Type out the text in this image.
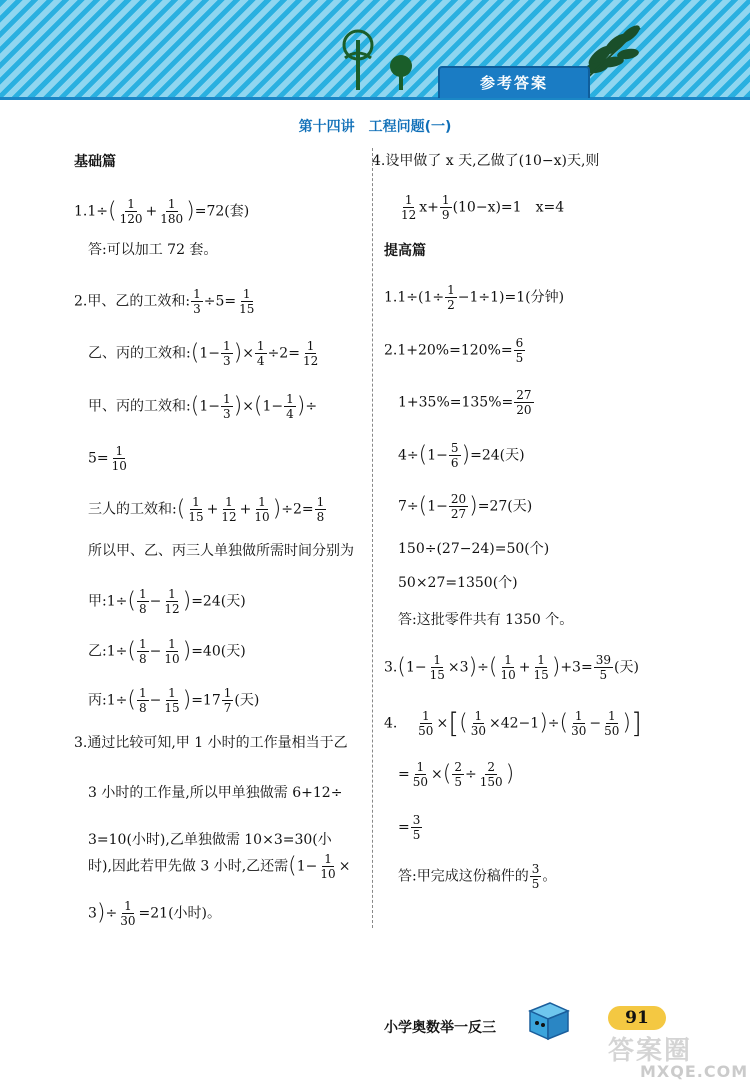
参考答案
第十四讲　工程问题(一)
基础篇
$1.1\div( \frac{1}{120} + \frac{1}{180} )=72$(套)
答:可以加工 72 套。
2.甲、乙的工效和: $\frac{1}{3} \div 5= \frac{1}{15}$
乙、丙的工效和:(1− $\frac{1}{3}$ )× $\frac{1}{4} \div 2= \frac{1}{12}$
甲、丙的工效和:(1− $\frac{1}{3} )\times(1- \frac{1}{4}$ )÷
$5= \frac{1}{10}$
三人的工效和:( $\frac{1}{15} + \frac{1}{12} + \frac{1}{10} )\div 2= \frac{1}{8}$
所以甲、乙、丙三人单独做所需时间分别为
甲:1÷( $\frac{1}{8} - \frac{1}{12} )=24$(天)
乙:1÷( $\frac{1}{8} - \frac{1}{10} )=40$(天)
丙:1÷( $\frac{1}{8} - \frac{1}{15} )=17 \frac{1}{7}$ (天)
3.通过比较可知,甲 1 小时的工作量相当于乙
3 小时的工作量,所以甲单独做需 6+12÷
3=10(小时),乙单独做需 10×3=30(小
时),因此若甲先做 3 小时,乙还需($1- \frac{1}{10}$ ×
$3)\div \frac{1}{30} =21$(小时)。
4.设甲做了 x 天,乙做了(10−x)天,则
$\frac{1}{12} x+ \frac{1}{9} (10-x)=1$　x=4
提高篇
$1.1\div(1\div \frac{1}{2} -1\div 1)=1$(分钟)
$2.1+20\%=120\%= \frac{6}{5}$
$1+35\%=135\%= \frac{27}{20}$
$4\div(1- \frac{5}{6} )=24$(天)
$7\div(1- \frac{20}{27} )=27$(天)
150÷(27−24)=50(个)
50×27=1350(个)
答:这批零件共有 1350 个。
$3.(1- \frac{1}{15} \times 3)\div( \frac{1}{10} + \frac{1}{15} )+3= \frac{39}{5}$ (天)
4. $\frac{1}{50}$ ×[( $\frac{1}{30} \times 42-1)\div( \frac{1}{30} - \frac{1}{50}$ )]
= $\frac{1}{50}$ ×( $\frac{2}{5} \div \frac{2}{150}$ )
= $\frac{3}{5}$
答:甲完成这份稿件的 $\frac{3}{5}$ 。
小学奥数举一反三	91
答案圈
MXQE.COM
